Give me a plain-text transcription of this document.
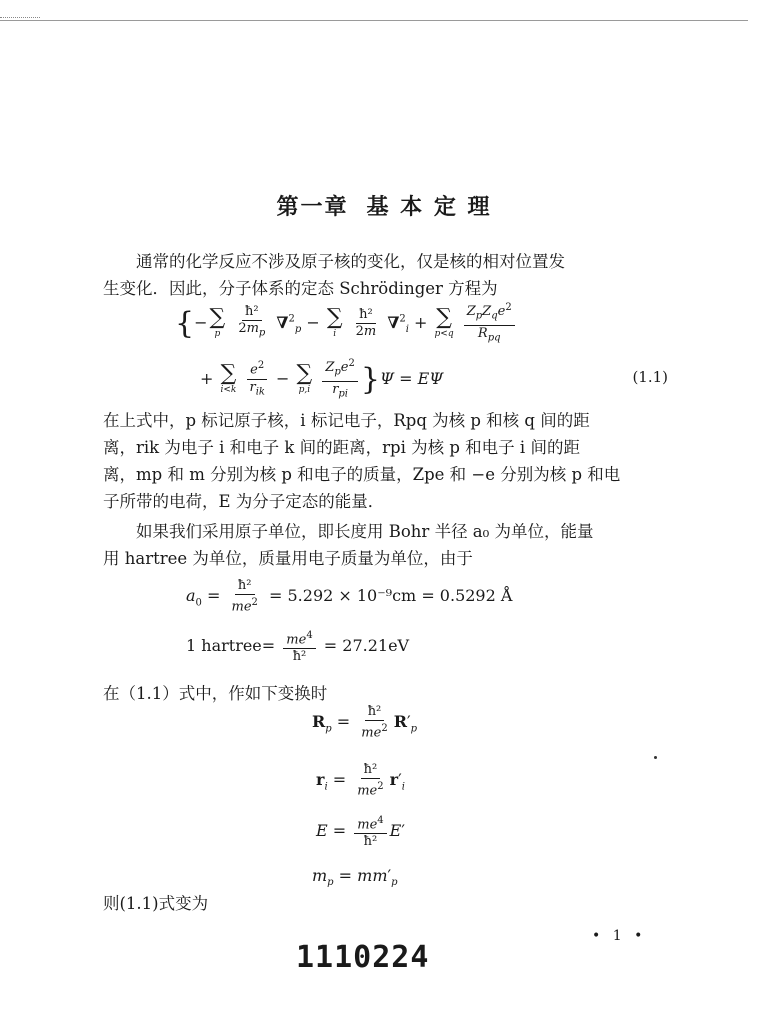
第一章 基 本 定 理
通常的化学反应不涉及原子核的变化，仅是核的相对位置发
生变化．因此，分子体系的定态 Schrödinger 方程为
{− ∑
p
$\frac{\text{ħ²}}{2m_p} \nabla^2_p$ − ∑
i
$\frac{\text{ħ²}}{2m} \nabla^2_i$ + ∑
p<q
$\frac{Z_pZ_qe^2}{R_{pq}}$
+ ∑
i<k
$\frac{e^2}{r_{ik}}$ − ∑
p,i
$\frac{Z_pe^2}{r_{pi}} \}\Psi = E\Psi$	(1.1)
在上式中，p 标记原子核，i 标记电子，Rpq 为核 p 和核 q 间的距
离，rik 为电子 i 和电子 k 间的距离，rpi 为核 p 和电子 i 间的距
离，mp 和 m 分别为核 p 和电子的质量，Zpe 和 −e 分别为核 p 和电
子所带的电荷，E 为分子定态的能量．
如果我们采用原子单位，即长度用 Bohr 半径 a₀ 为单位，能量
用 hartree 为单位，质量用电子质量为单位，由于
$a_0 = \frac{\text{ħ²}}{me^2} = 5.292 \times 10^{-9}cm = 0.5292$ Å
1 hartree= $\frac{me^4}{\text{ħ²}} = 27.21eV$
在（1.1）式中，作如下变换时
$R_p = \frac{\text{ħ²}}{me^2} R'_p$
$r_i = \frac{\text{ħ²}}{me^2} r'_i$
$E = \frac{me^4}{\text{ħ²}} E'$
$m_p = mm'_p$
则(1.1)式变为
• 1 •
1110224
